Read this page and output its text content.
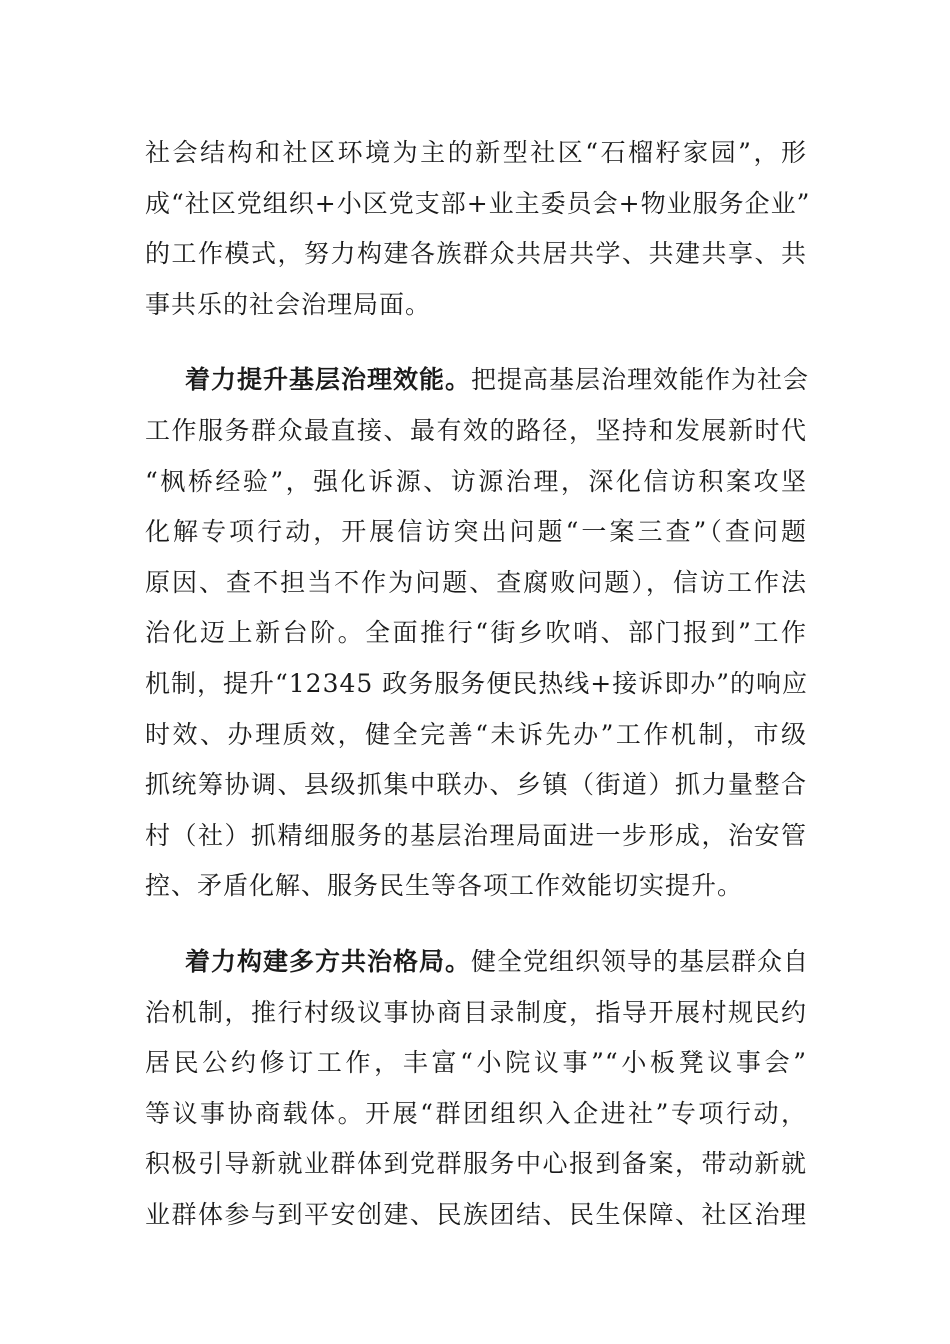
社会结构和社区环境为主的新型社区“石榴籽家园”，形
成“社区党组织+小区党支部+业主委员会+物业服务企业”
的工作模式，努力构建各族群众共居共学、共建共享、共
事共乐的社会治理局面。
着力提升基层治理效能。把提高基层治理效能作为社会
工作服务群众最直接、最有效的路径，坚持和发展新时代
“枫桥经验”，强化诉源、访源治理，深化信访积案攻坚
化解专项行动，开展信访突出问题“一案三查”（查问题
原因、查不担当不作为问题、查腐败问题），信访工作法
治化迈上新台阶。全面推行“街乡吹哨、部门报到”工作
机制，提升“12345 政务服务便民热线+接诉即办”的响应
时效、办理质效，健全完善“未诉先办”工作机制，市级
抓统筹协调、县级抓集中联办、乡镇（街道）抓力量整合
村（社）抓精细服务的基层治理局面进一步形成，治安管
控、矛盾化解、服务民生等各项工作效能切实提升。
着力构建多方共治格局。健全党组织领导的基层群众自
治机制，推行村级议事协商目录制度，指导开展村规民约
居民公约修订工作，丰富“小院议事”“小板凳议事会”
等议事协商载体。开展“群团组织入企进社”专项行动，
积极引导新就业群体到党群服务中心报到备案，带动新就
业群体参与到平安创建、民族团结、民生保障、社区治理
